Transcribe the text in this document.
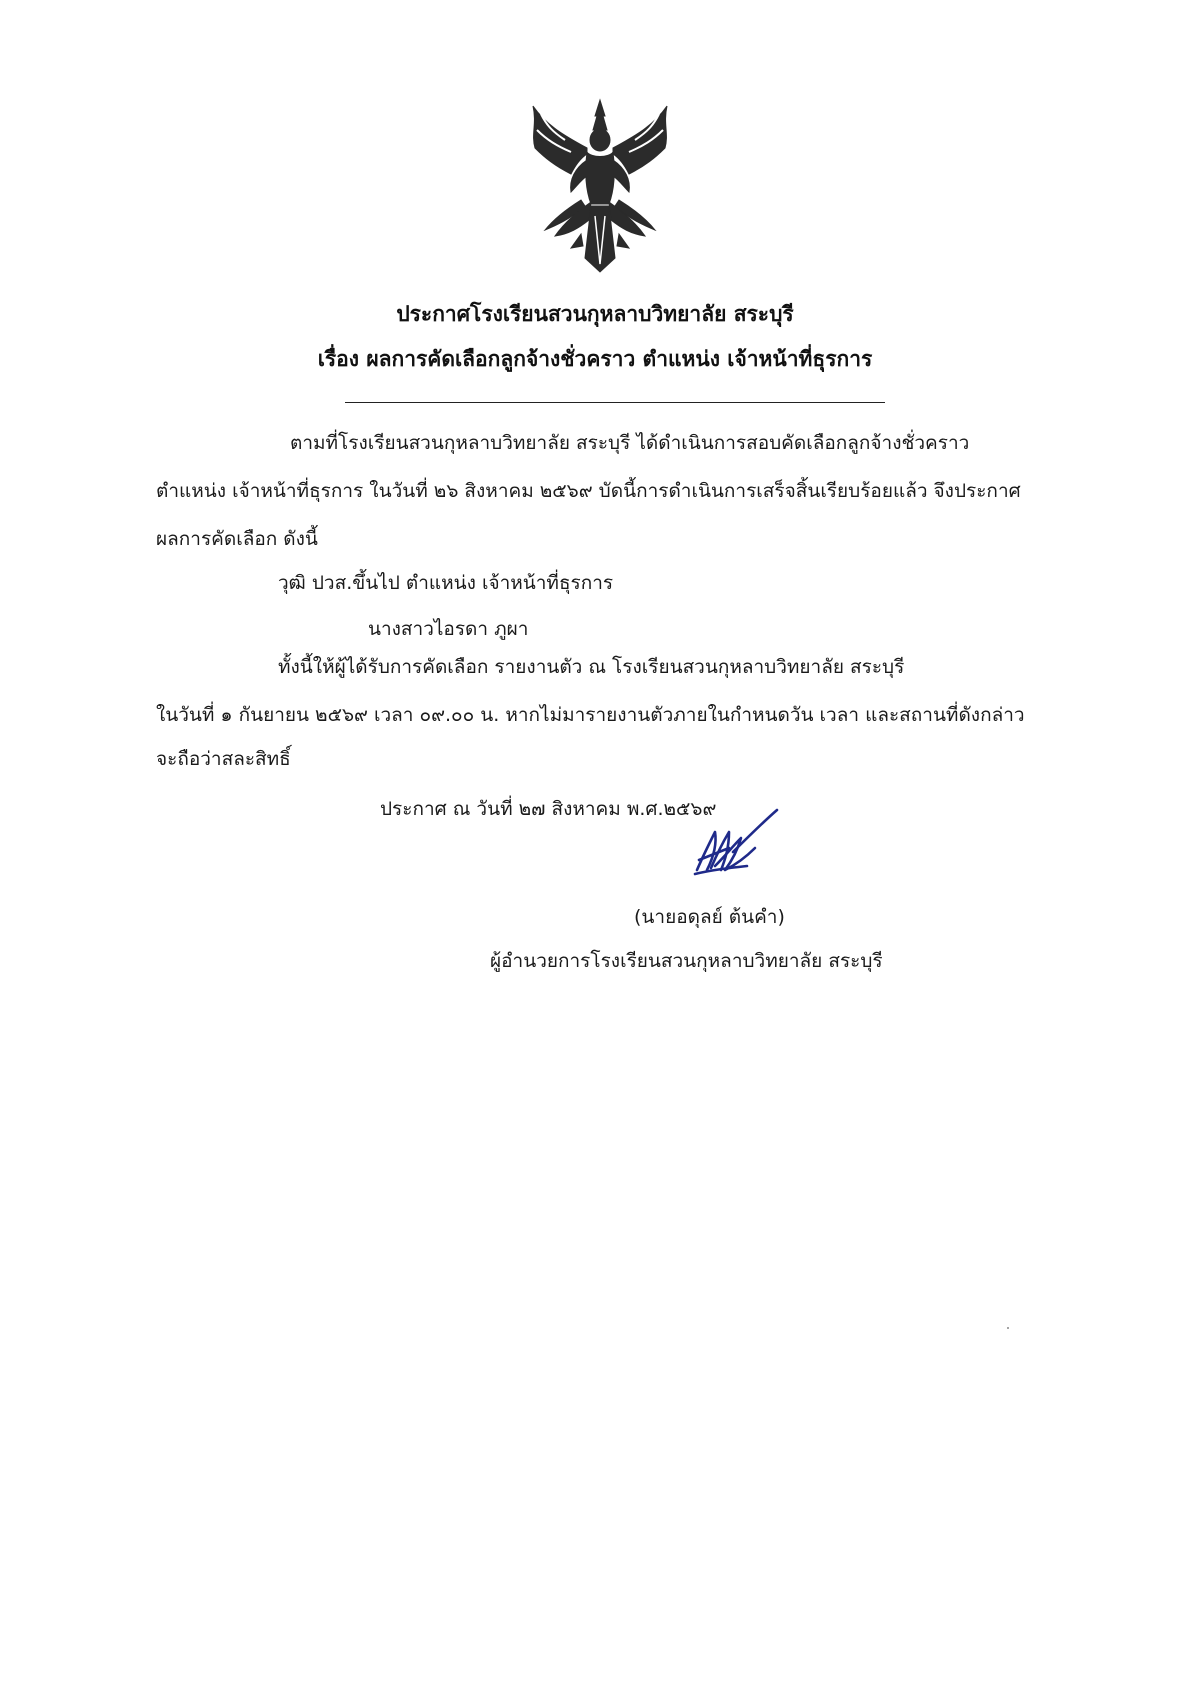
ประกาศโรงเรียนสวนกุหลาบวิทยาลัย สระบุรี
เรื่อง ผลการคัดเลือกลูกจ้างชั่วคราว ตำแหน่ง เจ้าหน้าที่ธุรการ
ตามที่โรงเรียนสวนกุหลาบวิทยาลัย สระบุรี ได้ดำเนินการสอบคัดเลือกลูกจ้างชั่วคราว
ตำแหน่ง เจ้าหน้าที่ธุรการ ในวันที่ ๒๖ สิงหาคม ๒๕๖๙ บัดนี้การดำเนินการเสร็จสิ้นเรียบร้อยแล้ว จึงประกาศ
ผลการคัดเลือก ดังนี้
วุฒิ ปวส.ขึ้นไป ตำแหน่ง เจ้าหน้าที่ธุรการ
นางสาวไอรดา ภูผา
ทั้งนี้ให้ผู้ได้รับการคัดเลือก รายงานตัว ณ โรงเรียนสวนกุหลาบวิทยาลัย สระบุรี
ในวันที่ ๑ กันยายน ๒๕๖๙ เวลา ๐๙.๐๐ น. หากไม่มารายงานตัวภายในกำหนดวัน เวลา และสถานที่ดังกล่าว
จะถือว่าสละสิทธิ์
ประกาศ ณ วันที่ ๒๗ สิงหาคม พ.ศ.๒๕๖๙
(นายอดุลย์ ต้นคำ)
ผู้อำนวยการโรงเรียนสวนกุหลาบวิทยาลัย สระบุรี
